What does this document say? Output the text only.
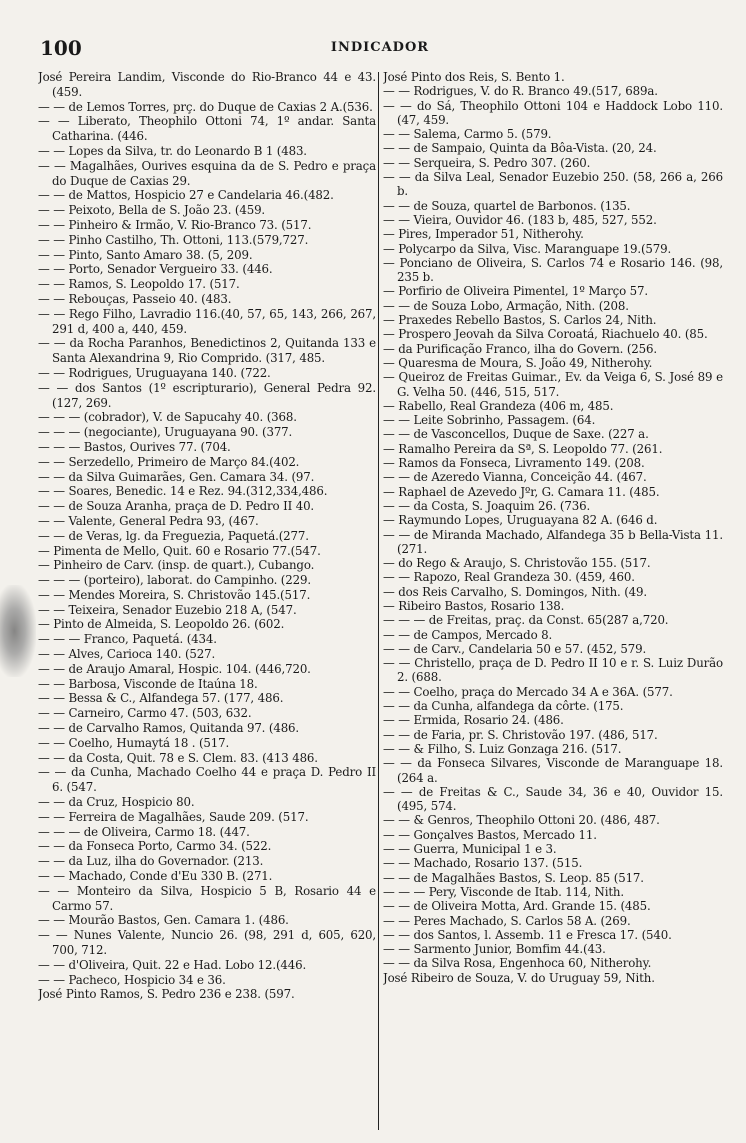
100	INDICADOR

José Pereira Landim, Visconde do Rio-Branco 44 e 43. (459.

— — de Lemos Torres, prç. do Duque de Caxias 2 A.(536.

— — Liberato, Theophilo Ottoni 74, 1º andar. Santa Catharina. (446.

— — Lopes da Silva, tr. do Leonardo B 1 (483.

— — Magalhães, Ourives esquina da de S. Pedro e praça do Duque de Caxias 29.

— — de Mattos, Hospicio 27 e Candelaria 46.(482.

— — Peixoto, Bella de S. João 23. (459.

— — Pinheiro & Irmão, V. Rio-Branco 73. (517.

— — Pinho Castilho, Th. Ottoni, 113.(579,727.

— — Pinto, Santo Amaro 38. (5, 209.

— — Porto, Senador Vergueiro 33. (446.

— — Ramos, S. Leopoldo 17. (517.

— — Rebouças, Passeio 40. (483.

— — Rego Filho, Lavradio 116.(40, 57, 65, 143, 266, 267, 291 d, 400 a, 440, 459.

— — da Rocha Paranhos, Benedictinos 2, Quitanda 133 e Santa Alexandrina 9, Rio Comprido. (317, 485.

— — Rodrigues, Uruguayana 140. (722.

— — dos Santos (1º escripturario), General Pedra 92. (127, 269.

— — — (cobrador), V. de Sapucahy 40. (368.

— — — (negociante), Uruguayana 90. (377.

— — — Bastos, Ourives 77. (704.

— — Serzedello, Primeiro de Março 84.(402.

— — da Silva Guimarães, Gen. Camara 34. (97.

— — Soares, Benedic. 14 e Rez. 94.(312,334,486.

— — de Souza Aranha, praça de D. Pedro II 40.

— — Valente, General Pedra 93, (467.

— — de Veras, lg. da Freguezia, Paquetá.(277.

— Pimenta de Mello, Quit. 60 e Rosario 77.(547.

— Pinheiro de Carv. (insp. de quart.), Cubango.

— — — (porteiro), laborat. do Campinho. (229.

— — Mendes Moreira, S. Christovão 145.(517.

— — Teixeira, Senador Euzebio 218 A, (547.

— Pinto de Almeida, S. Leopoldo 26. (602.

— — — Franco, Paquetá. (434.

— — Alves, Carioca 140. (527.

— — de Araujo Amaral, Hospic. 104. (446,720.

— — Barbosa, Visconde de Itaúna 18.

— — Bessa & C., Alfandega 57. (177, 486.

— — Carneiro, Carmo 47. (503, 632.

— — de Carvalho Ramos, Quitanda 97. (486.

— — Coelho, Humaytá 18 . (517.

— — da Costa, Quit. 78 e S. Clem. 83. (413 486.

— — da Cunha, Machado Coelho 44 e praça D. Pedro II 6. (547.

— — da Cruz, Hospicio 80.

— — Ferreira de Magalhães, Saude 209. (517.

— — — de Oliveira, Carmo 18. (447.

— — da Fonseca Porto, Carmo 34. (522.

— — da Luz, ilha do Governador. (213.

— — Machado, Conde d'Eu 330 B. (271.

— — Monteiro da Silva, Hospicio 5 B, Rosario 44 e Carmo 57.

— — Mourão Bastos, Gen. Camara 1. (486.

— — Nunes Valente, Nuncio 26. (98, 291 d, 605, 620, 700, 712.

— — d'Oliveira, Quit. 22 e Had. Lobo 12.(446.

— — Pacheco, Hospicio 34 e 36.

José Pinto Ramos, S. Pedro 236 e 238. (597.

José Pinto dos Reis, S. Bento 1.

— — Rodrigues, V. do R. Branco 49.(517, 689a.

— — do Sá, Theophilo Ottoni 104 e Haddock Lobo 110. (47, 459.

— — Salema, Carmo 5. (579.

— — de Sampaio, Quinta da Bôa-Vista. (20, 24.

— — Serqueira, S. Pedro 307. (260.

— — da Silva Leal, Senador Euzebio 250. (58, 266 a, 266 b.

— — de Souza, quartel de Barbonos. (135.

— — Vieira, Ouvidor 46. (183 b, 485, 527, 552.

— Pires, Imperador 51, Nitherohy.

— Polycarpo da Silva, Visc. Maranguape 19.(579.

— Ponciano de Oliveira, S. Carlos 74 e Rosario 146. (98, 235 b.

— Porfirio de Oliveira Pimentel, 1º Março 57.

— — de Souza Lobo, Armação, Nith. (208.

— Praxedes Rebello Bastos, S. Carlos 24, Nith.

— Prospero Jeovah da Silva Coroatá, Riachuelo 40. (85.

— da Purificação Franco, ilha do Govern. (256.

— Quaresma de Moura, S. João 49, Nitherohy.

— Queiroz de Freitas Guimar., Ev. da Veiga 6, S. José 89 e G. Velha 50. (446, 515, 517.

— Rabello, Real Grandeza (406 m, 485.

— — Leite Sobrinho, Passagem. (64.

— — de Vasconcellos, Duque de Saxe. (227 a.

— Ramalho Pereira da Sª, S. Leopoldo 77. (261.

— Ramos da Fonseca, Livramento 149. (208.

— — de Azeredo Vianna, Conceição 44. (467.

— Raphael de Azevedo Jºr, G. Camara 11. (485.

— — da Costa, S. Joaquim 26. (736.

— Raymundo Lopes, Uruguayana 82 A. (646 d.

— — de Miranda Machado, Alfandega 35 b Bella-Vista 11. (271.

— do Rego & Araujo, S. Christovão 155. (517.

— — Rapozo, Real Grandeza 30. (459, 460.

— dos Reis Carvalho, S. Domingos, Nith. (49.

— Ribeiro Bastos, Rosario 138.

— — — de Freitas, praç. da Const. 65(287 a,720.

— — de Campos, Mercado 8.

— — de Carv., Candelaria 50 e 57. (452, 579.

— — Christello, praça de D. Pedro II 10 e r. S. Luiz Durão 2. (688.

— — Coelho, praça do Mercado 34 A e 36A. (577.

— — da Cunha, alfandega da côrte. (175.

— — Ermida, Rosario 24. (486.

— — de Faria, pr. S. Christovão 197. (486, 517.

— — & Filho, S. Luiz Gonzaga 216. (517.

— — da Fonseca Silvares, Visconde de Maranguape 18. (264 a.

— — de Freitas & C., Saude 34, 36 e 40, Ouvidor 15. (495, 574.

— — & Genros, Theophilo Ottoni 20. (486, 487.

— — Gonçalves Bastos, Mercado 11.

— — Guerra, Municipal 1 e 3.

— — Machado, Rosario 137. (515.

— — de Magalhães Bastos, S. Leop. 85 (517.

— — — Pery, Visconde de Itab. 114, Nith.

— — de Oliveira Motta, Ard. Grande 15. (485.

— — Peres Machado, S. Carlos 58 A. (269.

— — dos Santos, l. Assemb. 11 e Fresca 17. (540.

— — Sarmento Junior, Bomfim 44.(43.

— — da Silva Rosa, Engenhoca 60, Nitherohy.

José Ribeiro de Souza, V. do Uruguay 59, Nith.
